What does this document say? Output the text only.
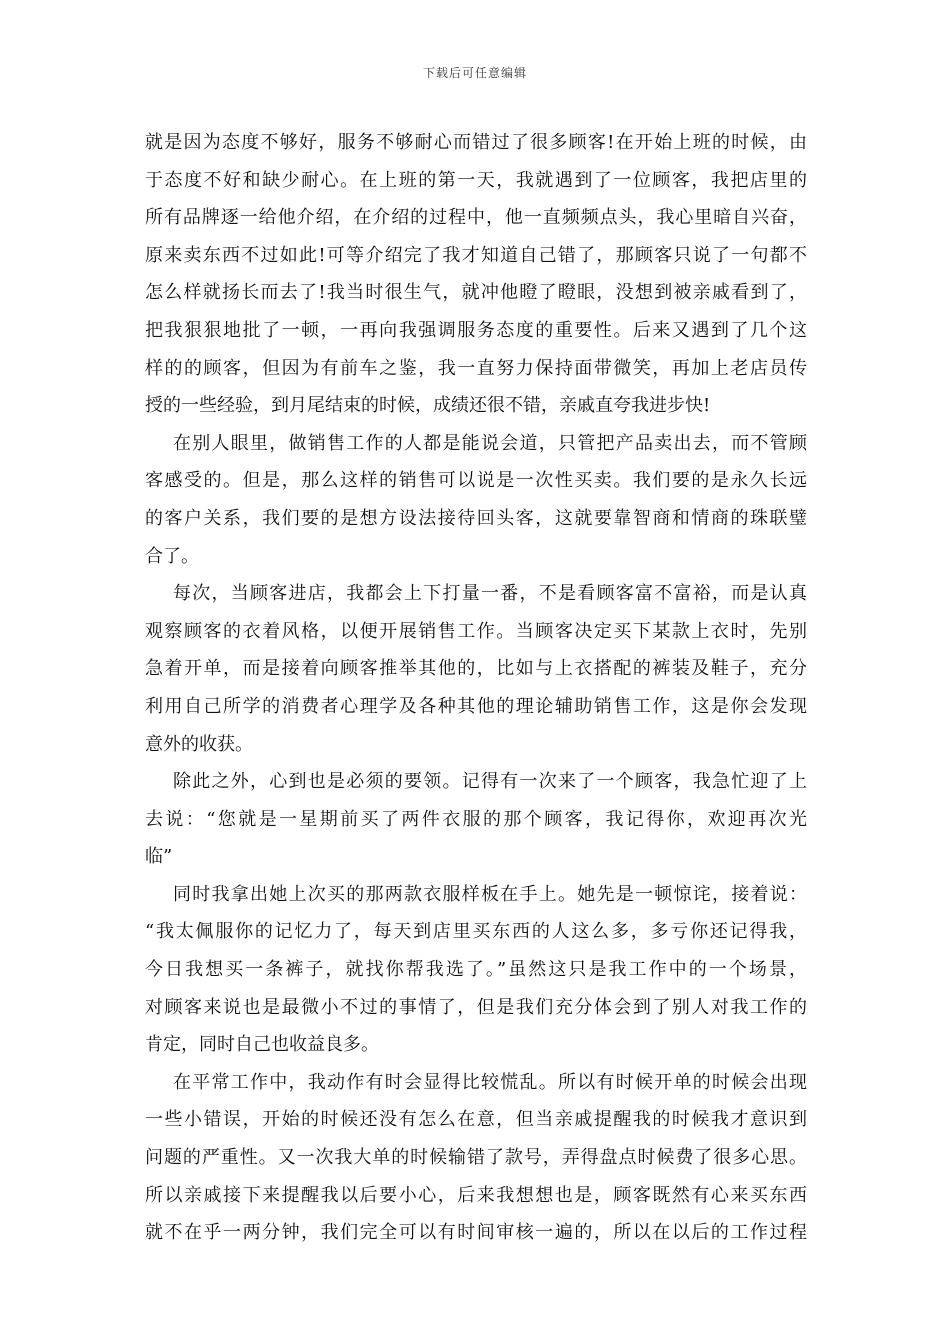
下载后可任意编辑
就是因为态度不够好，服务不够耐心而错过了很多顾客!在开始上班的时候，由
于态度不好和缺少耐心。在上班的第一天，我就遇到了一位顾客，我把店里的
所有品牌逐一给他介绍，在介绍的过程中，他一直频频点头，我心里暗自兴奋，
原来卖东西不过如此!可等介绍完了我才知道自己错了，那顾客只说了一句都不
怎么样就扬长而去了!我当时很生气，就冲他瞪了瞪眼，没想到被亲戚看到了，
把我狠狠地批了一顿，一再向我强调服务态度的重要性。后来又遇到了几个这
样的的顾客，但因为有前车之鉴，我一直努力保持面带微笑，再加上老店员传
授的一些经验，到月尾结束的时候，成绩还很不错，亲戚直夸我进步快!
在别人眼里，做销售工作的人都是能说会道，只管把产品卖出去，而不管顾
客感受的。但是，那么这样的销售可以说是一次性买卖。我们要的是永久长远
的客户关系，我们要的是想方设法接待回头客，这就要靠智商和情商的珠联璧
合了。
每次，当顾客进店，我都会上下打量一番，不是看顾客富不富裕，而是认真
观察顾客的衣着风格，以便开展销售工作。当顾客决定买下某款上衣时，先别
急着开单，而是接着向顾客推举其他的，比如与上衣搭配的裤装及鞋子，充分
利用自己所学的消费者心理学及各种其他的理论辅助销售工作，这是你会发现
意外的收获。
除此之外，心到也是必须的要领。记得有一次来了一个顾客，我急忙迎了上
去说：“您就是一星期前买了两件衣服的那个顾客，我记得你，欢迎再次光
临”
同时我拿出她上次买的那两款衣服样板在手上。她先是一顿惊诧，接着说：
“我太佩服你的记忆力了，每天到店里买东西的人这么多，多亏你还记得我，
今日我想买一条裤子，就找你帮我选了。”虽然这只是我工作中的一个场景，
对顾客来说也是最微小不过的事情了，但是我们充分体会到了别人对我工作的
肯定，同时自己也收益良多。
在平常工作中，我动作有时会显得比较慌乱。所以有时候开单的时候会出现
一些小错误，开始的时候还没有怎么在意，但当亲戚提醒我的时候我才意识到
问题的严重性。又一次我大单的时候输错了款号，弄得盘点时候费了很多心思。
所以亲戚接下来提醒我以后要小心，后来我想想也是，顾客既然有心来买东西
就不在乎一两分钟，我们完全可以有时间审核一遍的，所以在以后的工作过程
